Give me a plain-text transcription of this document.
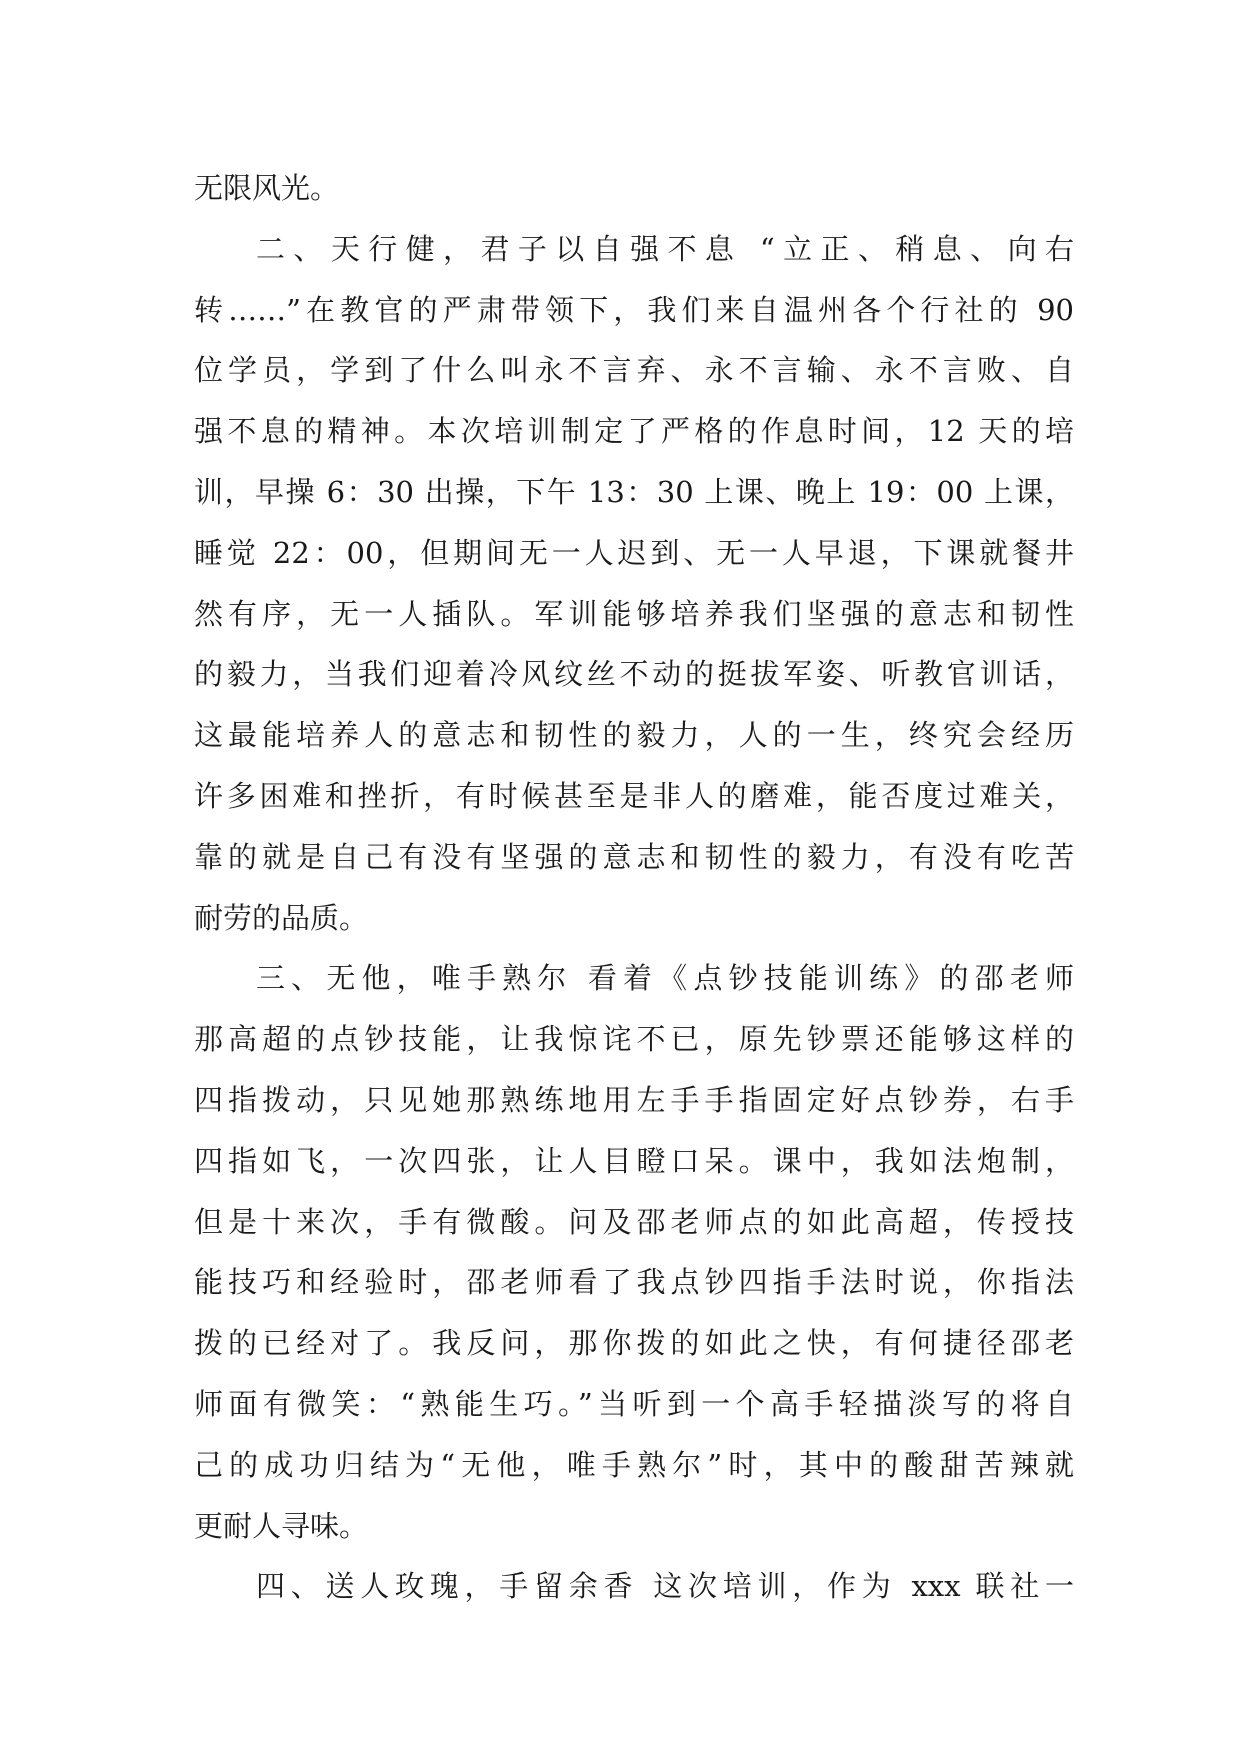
无限风光。
二、天行健，君子以自强不息 “立正、稍息、向右
转……”在教官的严肃带领下，我们来自温州各个行社的 90
位学员，学到了什么叫永不言弃、永不言输、永不言败、自
强不息的精神。本次培训制定了严格的作息时间，12 天的培
训，早操 6：30 出操，下午 13：30 上课、晚上 19：00 上课，
睡觉 22：00，但期间无一人迟到、无一人早退，下课就餐井
然有序，无一人插队。军训能够培养我们坚强的意志和韧性
的毅力，当我们迎着冷风纹丝不动的挺拔军姿、听教官训话，
这最能培养人的意志和韧性的毅力，人的一生，终究会经历
许多困难和挫折，有时候甚至是非人的磨难，能否度过难关，
靠的就是自己有没有坚强的意志和韧性的毅力，有没有吃苦
耐劳的品质。
三、无他，唯手熟尔 看着《点钞技能训练》的邵老师
那高超的点钞技能，让我惊诧不已，原先钞票还能够这样的
四指拨动，只见她那熟练地用左手手指固定好点钞券，右手
四指如飞，一次四张，让人目瞪口呆。课中，我如法炮制，
但是十来次，手有微酸。问及邵老师点的如此高超，传授技
能技巧和经验时，邵老师看了我点钞四指手法时说，你指法
拨的已经对了。我反问，那你拨的如此之快，有何捷径邵老
师面有微笑：“熟能生巧。”当听到一个高手轻描淡写的将自
己的成功归结为“无他，唯手熟尔”时，其中的酸甜苦辣就
更耐人寻味。
四、送人玫瑰，手留余香 这次培训，作为 xxx 联社一
